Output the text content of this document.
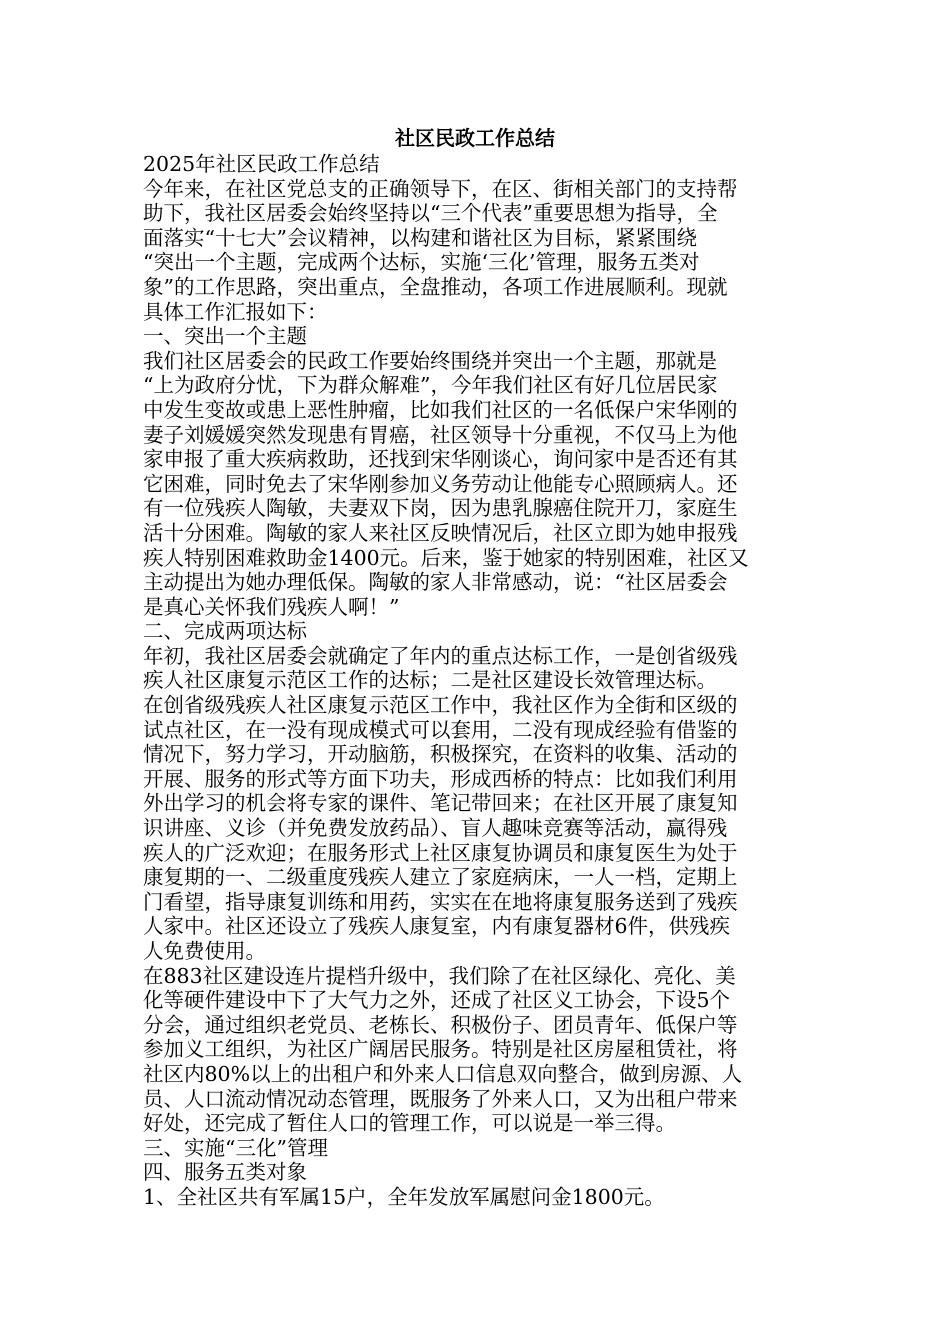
社区民政工作总结
2025年社区民政工作总结
今年来，在社区党总支的正确领导下，在区、街相关部门的支持帮
助下，我社区居委会始终坚持以“三个代表”重要思想为指导，全
面落实“十七大”会议精神，以构建和谐社区为目标，紧紧围绕
“突出一个主题，完成两个达标，实施‘三化’管理，服务五类对
象”的工作思路，突出重点，全盘推动，各项工作进展顺利。现就
具体工作汇报如下：
一、突出一个主题
我们社区居委会的民政工作要始终围绕并突出一个主题，那就是
“上为政府分忧，下为群众解难”，今年我们社区有好几位居民家
中发生变故或患上恶性肿瘤，比如我们社区的一名低保户宋华刚的
妻子刘媛媛突然发现患有胃癌，社区领导十分重视，不仅马上为他
家申报了重大疾病救助，还找到宋华刚谈心，询问家中是否还有其
它困难，同时免去了宋华刚参加义务劳动让他能专心照顾病人。还
有一位残疾人陶敏，夫妻双下岗，因为患乳腺癌住院开刀，家庭生
活十分困难。陶敏的家人来社区反映情况后，社区立即为她申报残
疾人特别困难救助金1400元。后来，鉴于她家的特别困难，社区又
主动提出为她办理低保。陶敏的家人非常感动，说：“社区居委会
是真心关怀我们残疾人啊！”
二、完成两项达标
年初，我社区居委会就确定了年内的重点达标工作，一是创省级残
疾人社区康复示范区工作的达标；二是社区建设长效管理达标。
在创省级残疾人社区康复示范区工作中，我社区作为全街和区级的
试点社区，在一没有现成模式可以套用，二没有现成经验有借鉴的
情况下，努力学习，开动脑筋，积极探究，在资料的收集、活动的
开展、服务的形式等方面下功夫，形成西桥的特点：比如我们利用
外出学习的机会将专家的课件、笔记带回来；在社区开展了康复知
识讲座、义诊（并免费发放药品）、盲人趣味竞赛等活动，赢得残
疾人的广泛欢迎；在服务形式上社区康复协调员和康复医生为处于
康复期的一、二级重度残疾人建立了家庭病床，一人一档，定期上
门看望，指导康复训练和用药，实实在在地将康复服务送到了残疾
人家中。社区还设立了残疾人康复室，内有康复器材6件，供残疾
人免费使用。
在883社区建设连片提档升级中，我们除了在社区绿化、亮化、美
化等硬件建设中下了大气力之外，还成了社区义工协会，下设5个
分会，通过组织老党员、老栋长、积极份子、团员青年、低保户等
参加义工组织，为社区广阔居民服务。特别是社区房屋租赁社，将
社区内80%以上的出租户和外来人口信息双向整合，做到房源、人
员、人口流动情况动态管理，既服务了外来人口，又为出租户带来
好处，还完成了暂住人口的管理工作，可以说是一举三得。
三、实施“三化”管理
四、服务五类对象
1、全社区共有军属15户，全年发放军属慰问金1800元。
